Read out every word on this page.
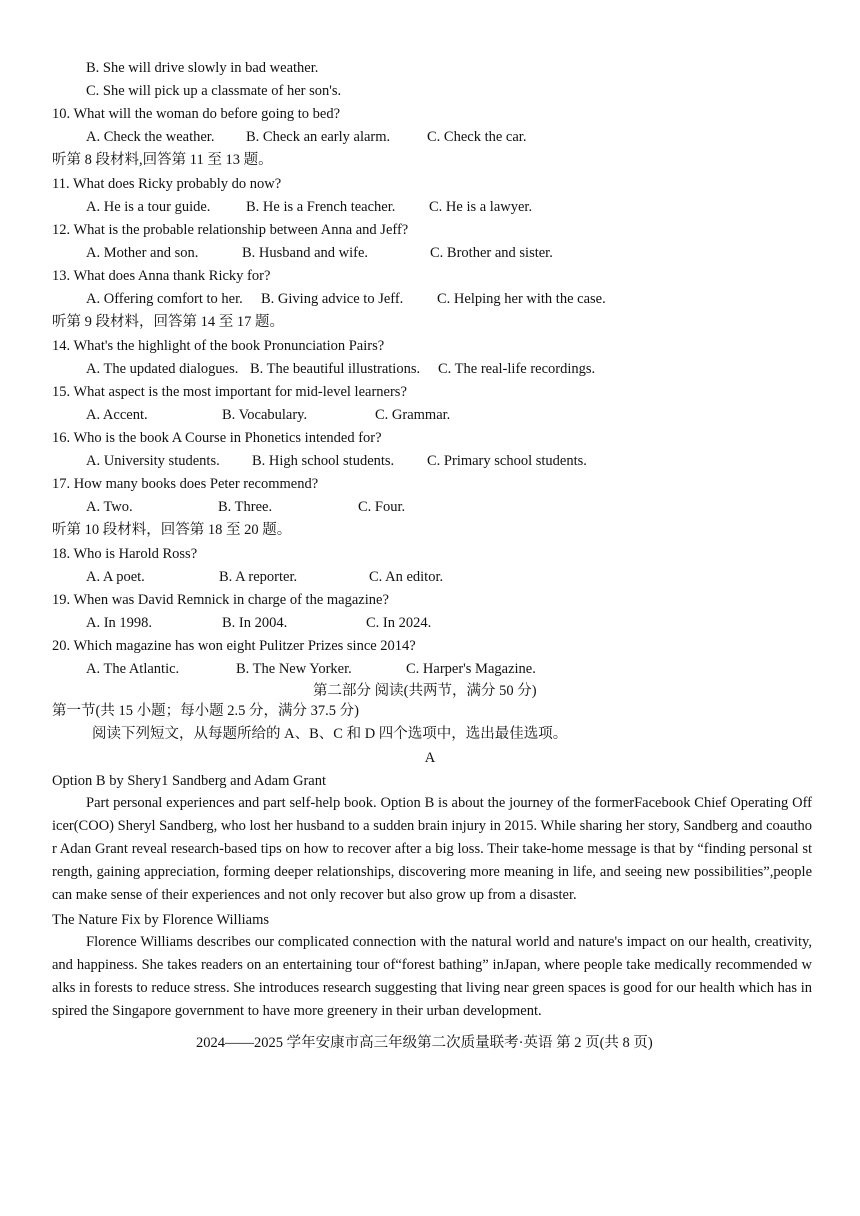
B. She will drive slowly in bad weather.
C. She will pick up a classmate of her son's.
10. What will the woman do before going to bed?
A. Check the weather. B. Check an early alarm.	C. Check the car.
听第 8 段材料,回答第 11 至 13 题。
11. What does Ricky probably do now?
A. He is a tour guide. B. He is a French teacher. C. He is a lawyer.
12. What is the probable relationship between Anna and Jeff?
A. Mother and son.	B. Husband and wife.	C. Brother and sister.
13. What does Anna thank Ricky for?
A. Offering comfort to her. B. Giving advice to Jeff. C. Helping her with the case.
听第 9 段材料，回答第 14 至 17 题。
14. What's the highlight of the book Pronunciation Pairs?
A. The updated dialogues. B. The beautiful illustrations. C. The real-life recordings.
15. What aspect is the most important for mid-level learners?
A. Accent.	B. Vocabulary.	C. Grammar.
16. Who is the book A Course in Phonetics intended for?
A. University students. B. High school students. C. Primary school students.
17. How many books does Peter recommend?
A. Two.	B. Three.	C. Four.
听第 10 段材料，回答第 18 至 20 题。
18. Who is Harold Ross?
A. A poet.	B. A reporter.	C. An editor.
19. When was David Remnick in charge of the magazine?
A. In 1998.	B. In 2004.	C. In 2024.
20. Which magazine has won eight Pulitzer Prizes since 2014?
A. The Atlantic.	B. The New Yorker.	C. Harper's Magazine.
第二部分 阅读(共两节，满分 50 分)
第一节(共 15 小题；每小题 2.5 分，满分 37.5 分)
阅读下列短文，从每题所给的 A、B、C 和 D 四个选项中，选出最佳选项。
A
Option B by Shery1 Sandberg and Adam Grant
Part personal experiences and part self-help book. Option B is about the journey of the formerFacebook Chief Operating Officer(COO) Sheryl Sandberg, who lost her husband to a sudden brain injury in 2015. While sharing her story, Sandberg and coauthor Adan Grant reveal research-based tips on how to recover after a big loss. Their take-home message is that by “finding personal strength, gaining appreciation, forming deeper relationships, discovering more meaning in life, and seeing new possibilities”,people can make sense of their experiences and not only recover but also grow up from a disaster.
The Nature Fix by Florence Williams
Florence Williams describes our complicated connection with the natural world and nature's impact on our health, creativity, and happiness. She takes readers on an entertaining tour of“forest bathing” inJapan, where people take medically recommended walks in forests to reduce stress. She introduces research suggesting that living near green spaces is good for our health which has inspired the Singapore government to have more greenery in their urban development.
2024——2025 学年安康市高三年级第二次质量联考·英语 第 2 页(共 8 页)
